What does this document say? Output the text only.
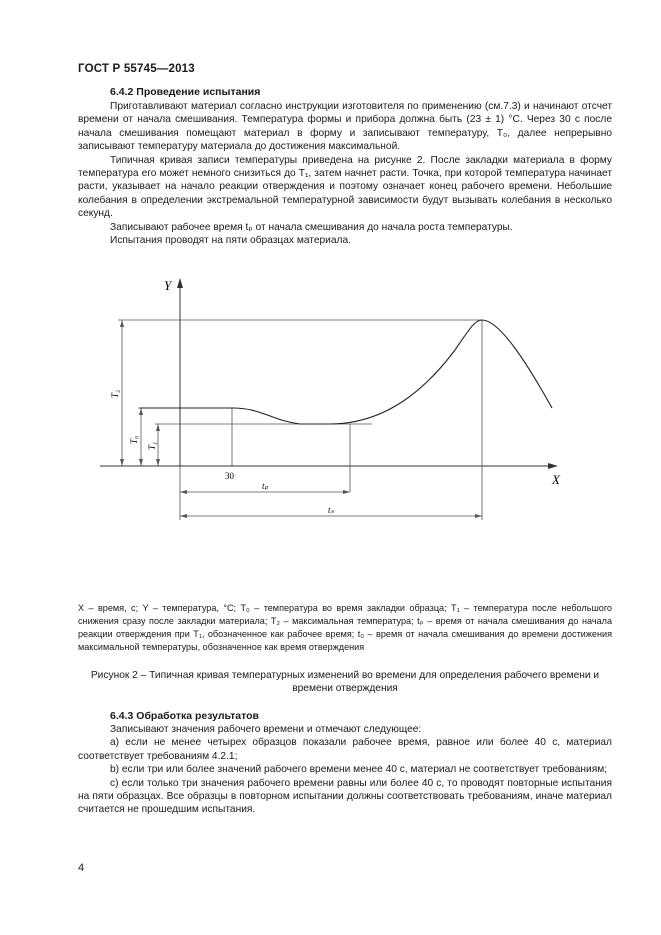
ГОСТ Р 55745—2013
6.4.2 Проведение испытания

Приготавливают материал согласно инструкции изготовителя по применению (см.7.3) и начинают отсчет времени от начала смешивания. Температура формы и прибора должна быть (23 ± 1) °С. Через 30 с после начала смешивания помещают материал в форму и записывают температуру, T₀, далее непрерывно записывают температуру материала до достижения максимальной.

Типичная кривая записи температуры приведена на рисунке 2. После закладки материала в форму температура его может немного снизиться до T₁, затем начнет расти. Точка, при которой температура начинает расти, указывает на начало реакции отверждения и поэтому означает конец рабочего времени. Небольшие колебания в определении экстремальной температурной зависимости будут вызывать колебания в несколько секунд.

Записывают рабочее время tₚ от начала смешивания до начала роста температуры.

Испытания проводят на пяти образцах материала.

Y
X
T₂
T₀
T₁
30
tₚ
tₛ
X – время, с; Y – температура, °С; T₀ – температура во время закладки образца; T₁ – температура после небольшого снижения сразу после закладки материала; T₂ – максимальная температура; tₚ – время от начала смешивания до начала реакции отверждения при T₁, обозначенное как рабочее время; t₀ – время от начала смешивания до времени достижения максимальной температуры, обозначенное как время отверждения
Рисунок 2 – Типичная кривая температурных изменений во времени для определения рабочего времени и времени отверждения
6.4.3 Обработка результатов

Записывают значения рабочего времени и отмечают следующее:

а) если не менее четырех образцов показали рабочее время, равное или более 40 с, материал соответствует требованиям 4.2.1;

b) если три или более значений рабочего времени менее 40 с, материал не соответствует требованиям;

с) если только три значения рабочего времени равны или более 40 с, то проводят повторные испытания на пяти образцах. Все образцы в повторном испытании должны соответствовать требованиям, иначе материал считается не прошедшим испытания.

4
